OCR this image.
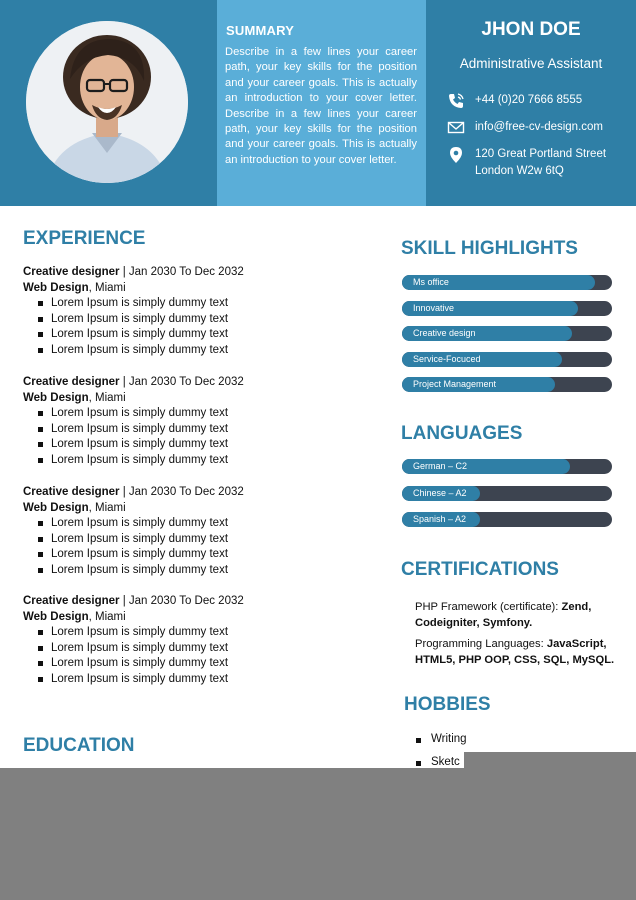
SUMMARY
Describe in a few lines your career path, your key skills for the position and your career goals. This is actually an introduction to your cover letter. Describe in a few lines your career path, your key skills for the position and your career goals. This is actually an introduction to your cover letter.
JHON DOE
Administrative Assistant
+44 (0)20 7666 8555
info@free-cv-design.com
120 Great Portland Street
London W2w 6tQ
EXPERIENCE
Creative designer | Jan 2030 To Dec 2032
Web Design, Miami
Lorem Ipsum is simply dummy text
Lorem Ipsum is simply dummy text
Lorem Ipsum is simply dummy text
Lorem Ipsum is simply dummy text
Creative designer | Jan 2030 To Dec 2032
Web Design, Miami
Lorem Ipsum is simply dummy text
Lorem Ipsum is simply dummy text
Lorem Ipsum is simply dummy text
Lorem Ipsum is simply dummy text
Creative designer | Jan 2030 To Dec 2032
Web Design, Miami
Lorem Ipsum is simply dummy text
Lorem Ipsum is simply dummy text
Lorem Ipsum is simply dummy text
Lorem Ipsum is simply dummy text
Creative designer | Jan 2030 To Dec 2032
Web Design, Miami
Lorem Ipsum is simply dummy text
Lorem Ipsum is simply dummy text
Lorem Ipsum is simply dummy text
Lorem Ipsum is simply dummy text
EDUCATION
SKILL HIGHLIGHTS
Ms office
Innovative
Creative design
Service-Focuced
Project Management
LANGUAGES
German – C2
Chinese – A2
Spanish – A2
CERTIFICATIONS
PHP Framework (certificate): Zend, Codeigniter, Symfony.
Programming Languages: JavaScript, HTML5, PHP OOP, CSS, SQL, MySQL.
HOBBIES
Writing
Sketc
